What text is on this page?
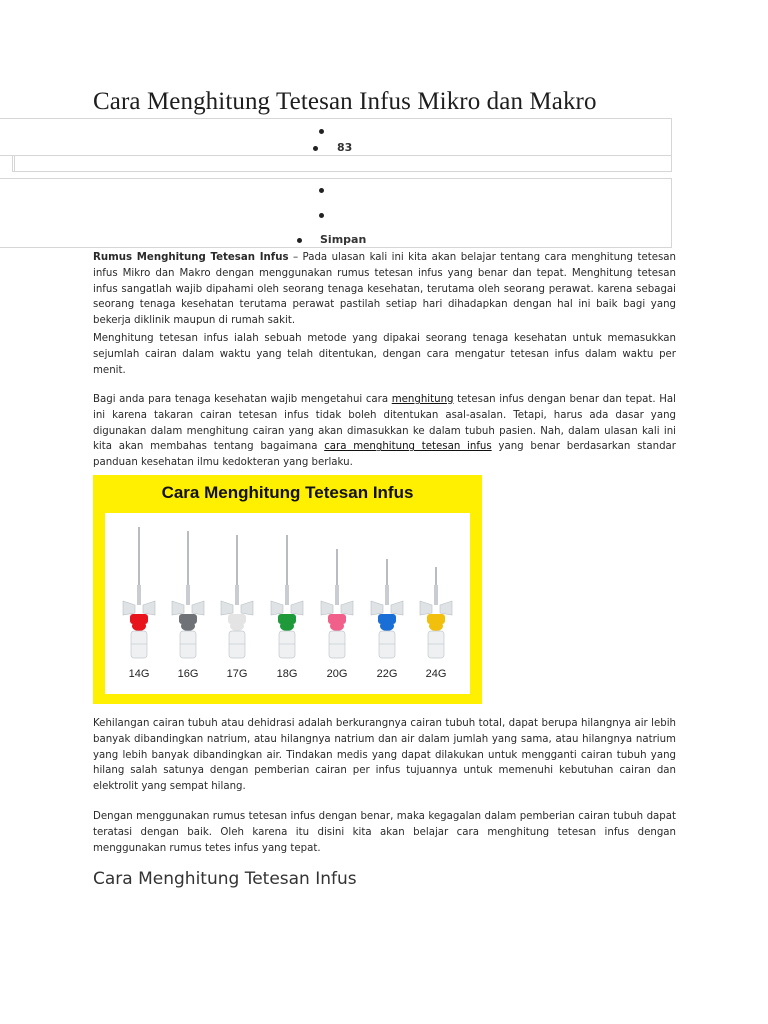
Cara Menghitung Tetesan Infus Mikro dan Makro
83
Simpan

Rumus Menghitung Tetesan Infus – Pada ulasan kali ini kita akan belajar tentang cara menghitung tetesan infus Mikro dan Makro dengan menggunakan rumus tetesan infus yang benar dan tepat. Menghitung tetesan infus sangatlah wajib dipahami oleh seorang tenaga kesehatan, terutama oleh seorang perawat. karena sebagai seorang tenaga kesehatan terutama perawat pastilah setiap hari dihadapkan dengan hal ini baik bagi yang bekerja diklinik maupun di rumah sakit.

Menghitung tetesan infus ialah sebuah metode yang dipakai seorang tenaga kesehatan untuk memasukkan sejumlah cairan dalam waktu yang telah ditentukan, dengan cara mengatur tetesan infus dalam waktu per menit.

Bagi anda para tenaga kesehatan wajib mengetahui cara menghitung tetesan infus dengan benar dan tepat. Hal ini karena takaran cairan tetesan infus tidak boleh ditentukan asal-asalan. Tetapi, harus ada dasar yang digunakan dalam menghitung cairan yang akan dimasukkan ke dalam tubuh pasien. Nah, dalam ulasan kali ini kita akan membahas tentang bagaimana cara menghitung tetesan infus yang benar berdasarkan standar panduan kesehatan ilmu kedokteran yang berlaku.

Cara Menghitung Tetesan Infus
14G	16G	17G	18G	20G	22G	24G

Kehilangan cairan tubuh atau dehidrasi adalah berkurangnya cairan tubuh total, dapat berupa hilangnya air lebih banyak dibandingkan natrium, atau hilangnya natrium dan air dalam jumlah yang sama, atau hilangnya natrium yang lebih banyak dibandingkan air. Tindakan medis yang dapat dilakukan untuk mengganti cairan tubuh yang hilang salah satunya dengan pemberian cairan per infus tujuannya untuk memenuhi kebutuhan cairan dan elektrolit yang sempat hilang.

Dengan menggunakan rumus tetesan infus dengan benar, maka kegagalan dalam pemberian cairan tubuh dapat teratasi dengan baik. Oleh karena itu disini kita akan belajar cara menghitung tetesan infus dengan menggunakan rumus tetes infus yang tepat.

Cara Menghitung Tetesan Infus
